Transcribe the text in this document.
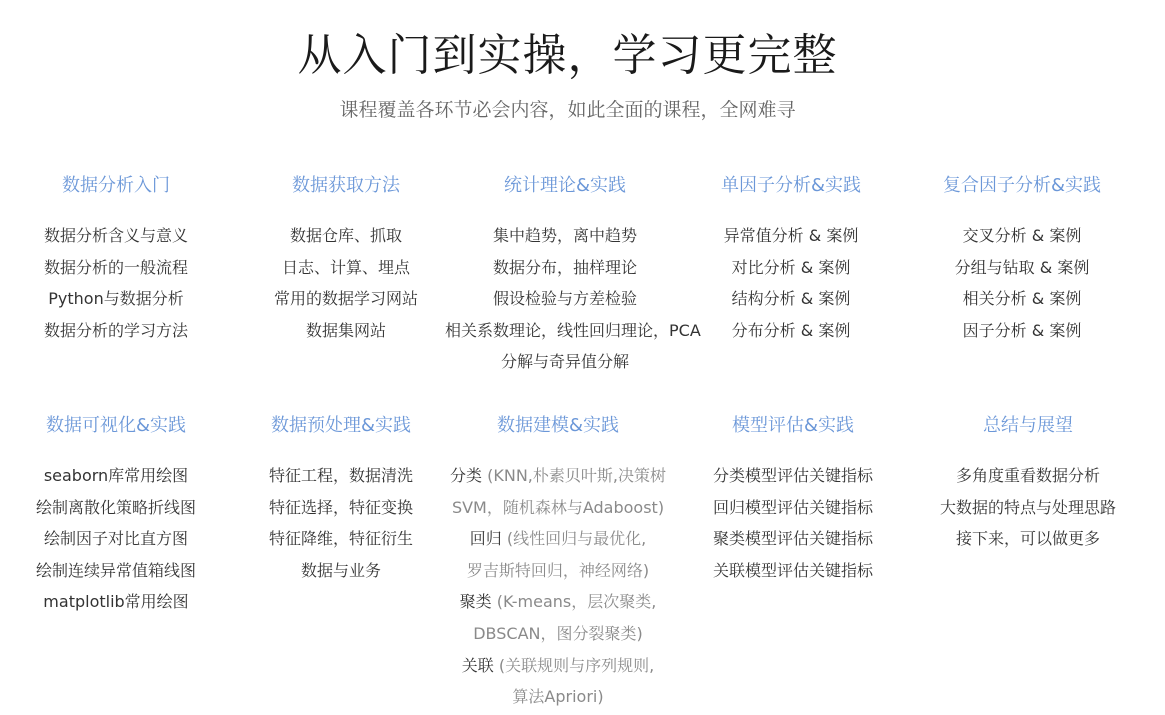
从入门到实操，学习更完整
课程覆盖各环节必会内容，如此全面的课程，全网难寻
数据分析入门
数据分析含义与意义
数据分析的一般流程
Python与数据分析
数据分析的学习方法
数据获取方法
数据仓库、抓取
日志、计算、埋点
常用的数据学习网站
数据集网站
统计理论&实践
集中趋势，离中趋势
数据分布，抽样理论
假设检验与方差检验
相关系数理论，线性回归理论，PCA
分解与奇异值分解
单因子分析&实践
异常值分析 & 案例
对比分析 & 案例
结构分析 & 案例
分布分析 & 案例
复合因子分析&实践
交叉分析 & 案例
分组与钻取 & 案例
相关分析 & 案例
因子分析 & 案例
数据可视化&实践
seaborn库常用绘图
绘制离散化策略折线图
绘制因子对比直方图
绘制连续异常值箱线图
matplotlib常用绘图
数据预处理&实践
特征工程，数据清洗
特征选择，特征变换
特征降维，特征衍生
数据与业务
数据建模&实践
分类 (KNN,朴素贝叶斯,决策树
SVM，随机森林与Adaboost)
回归 (线性回归与最优化,
罗吉斯特回归，神经网络)
聚类 (K-means，层次聚类,
DBSCAN，图分裂聚类)
关联 (关联规则与序列规则,
算法Apriori)
模型评估&实践
分类模型评估关键指标
回归模型评估关键指标
聚类模型评估关键指标
关联模型评估关键指标
总结与展望
多角度重看数据分析
大数据的特点与处理思路
接下来，可以做更多
